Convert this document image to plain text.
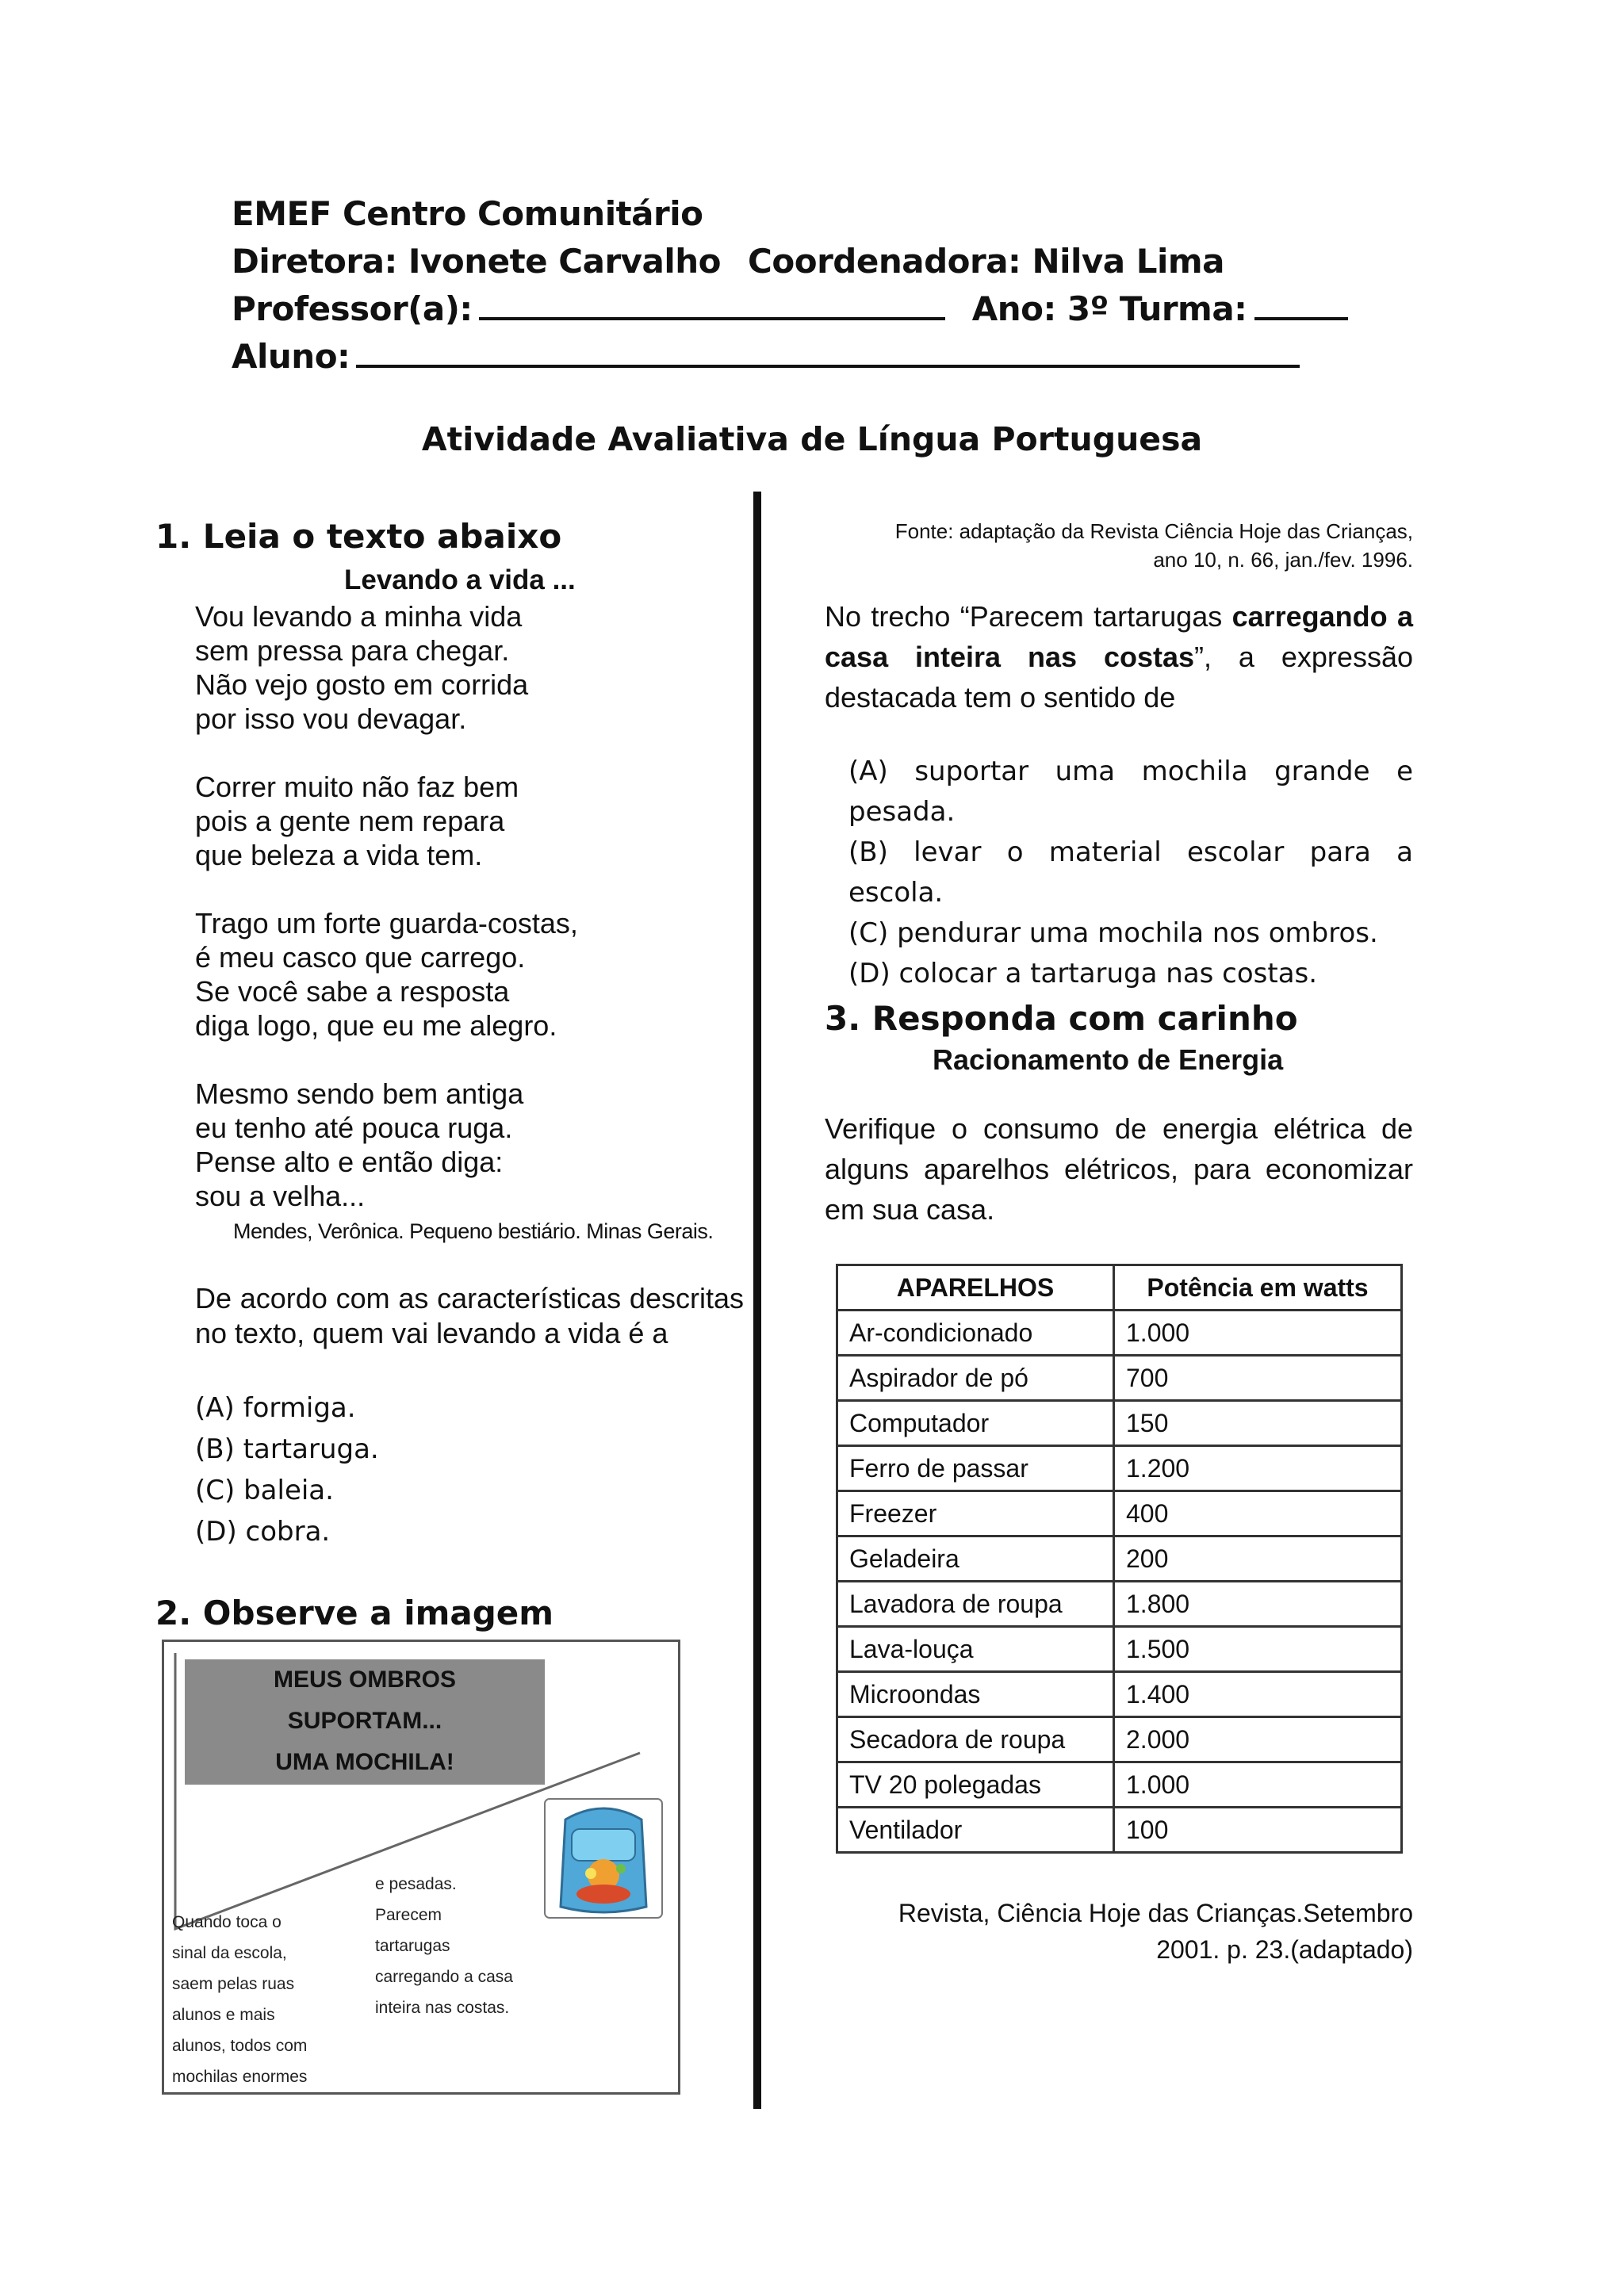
EMEF Centro Comunitário
Diretora: Ivonete Carvalho Coordenadora: Nilva Lima
Professor(a):	Ano: 3º Turma:
Aluno:
Atividade Avaliativa de Língua Portuguesa
1. Leia o texto abaixo
Levando a vida ...

Vou levando a minha vida
sem pressa para chegar.
Não vejo gosto em corrida
por isso vou devagar.

Correr muito não faz bem
pois a gente nem repara
que beleza a vida tem.

Trago um forte guarda-costas,
é meu casco que carrego.
Se você sabe a resposta
diga logo, que eu me alegro.

Mesmo sendo bem antiga
eu tenho até pouca ruga.
Pense alto e então diga:
sou a velha...

Mendes, Verônica. Pequeno bestiário. Minas Gerais.
De acordo com as características descritas no texto, quem vai levando a vida é a
(A) formiga.
(B) tartaruga.
(C) baleia.
(D) cobra.
2. Observe a imagem
MEUS OMBROS
SUPORTAM...
UMA MOCHILA!
Quando toca o
sinal da escola,
saem pelas ruas
alunos e mais
alunos, todos com
mochilas enormes
e pesadas.
Parecem
tartarugas
carregando a casa
inteira nas costas.
Fonte: adaptação da Revista Ciência Hoje das Crianças,
ano 10, n. 66, jan./fev. 1996.
No trecho “Parecem tartarugas carregando a casa inteira nas costas”, a expressão destacada tem o sentido de
(A) suportar uma mochila grande e pesada.
(B) levar o material escolar para a escola.
(C) pendurar uma mochila nos ombros.
(D) colocar a tartaruga nas costas.
3. Responda com carinho
Racionamento de Energia
Verifique o consumo de energia elétrica de alguns aparelhos elétricos, para economizar em sua casa.
APARELHOS	Potência em watts
Ar-condicionado	1.000
Aspirador de pó	700
Computador	150
Ferro de passar	1.200
Freezer	400
Geladeira	200
Lavadora de roupa	1.800
Lava-louça	1.500
Microondas	1.400
Secadora de roupa	2.000
TV 20 polegadas	1.000
Ventilador	100
Revista, Ciência Hoje das Crianças.Setembro
2001. p. 23.(adaptado)
